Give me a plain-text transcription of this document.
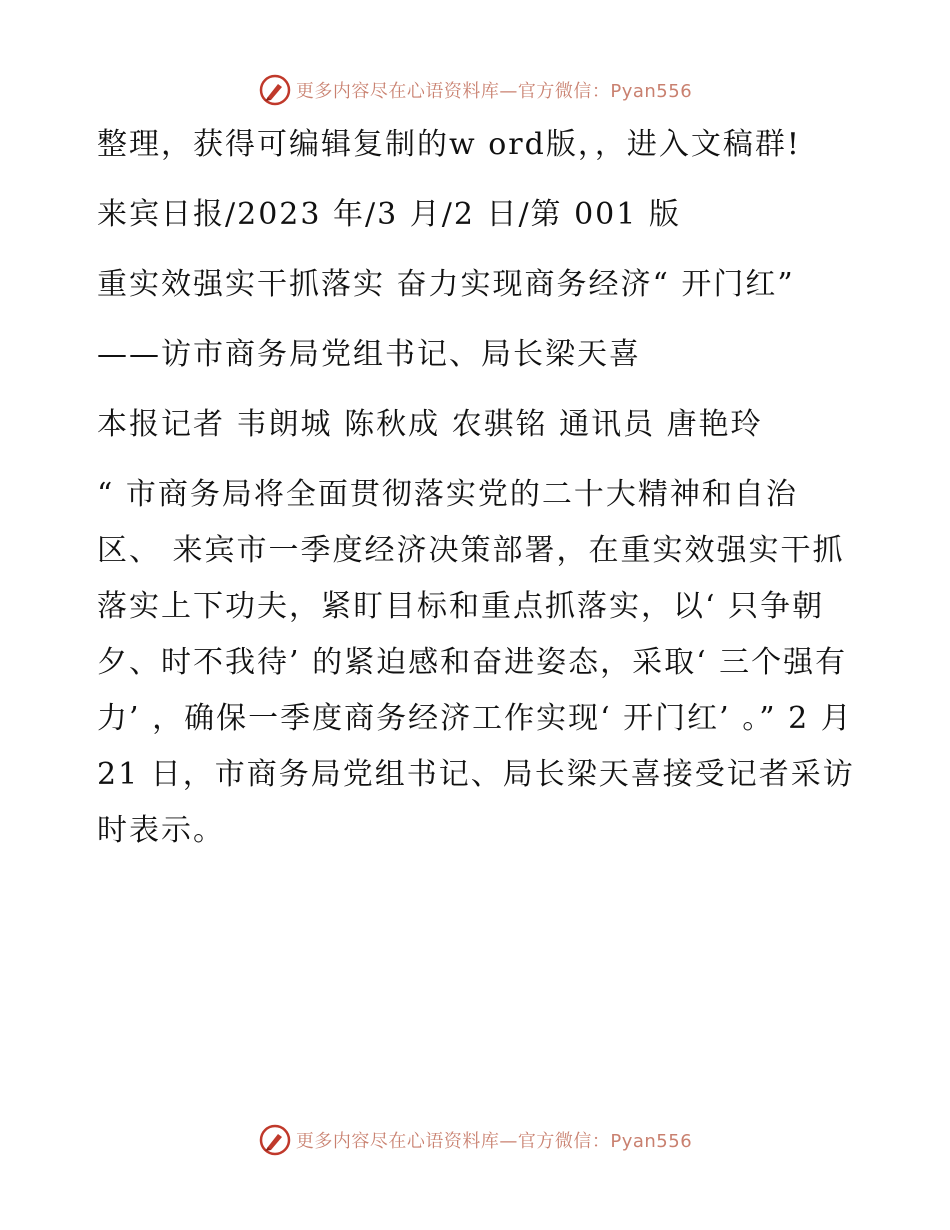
更多内容尽在心语资料库—官方微信：Pyan556

整理，获得可编辑复制的w ord版，，进入文稿群!

来宾日报/2023 年/3 月/2 日/第 001 版

重实效强实干抓落实 奋力实现商务经济“ 开门红”

——访市商务局党组书记、局长梁天喜

本报记者 韦朗城 陈秋成 农骐铭 通讯员 唐艳玲

“ 市商务局将全面贯彻落实党的二十大精神和自治区、 来宾市一季度经济决策部署，在重实效强实干抓落实上下功夫，紧盯目标和重点抓落实，以‘ 只争朝夕、时不我待’ 的紧迫感和奋进姿态，采取‘ 三个强有力’ ，确保一季度商务经济工作实现‘ 开门红’ 。” 2 月 21 日，市商务局党组书记、局长梁天喜接受记者采访时表示。

更多内容尽在心语资料库—官方微信：Pyan556
